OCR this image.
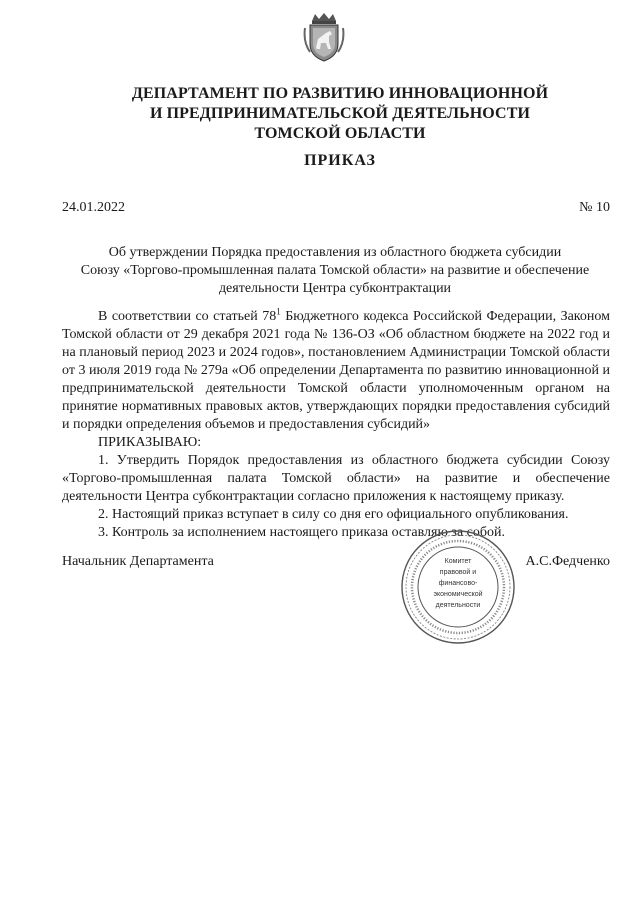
ДЕПАРТАМЕНТ ПО РАЗВИТИЮ ИННОВАЦИОННОЙ
И ПРЕДПРИНИМАТЕЛЬСКОЙ ДЕЯТЕЛЬНОСТИ
ТОМСКОЙ ОБЛАСТИ
ПРИКАЗ
24.01.2022	№ 10
Об утверждении Порядка предоставления из областного бюджета субсидии
Союзу «Торгово-промышленная палата Томской области» на развитие и обеспечение
деятельности Центра субконтрактации

В соответствии со статьей $78^1$ Бюджетного кодекса Российской Федерации, Законом Томской области от 29 декабря 2021 года № 136-ОЗ «Об областном бюджете на 2022 год и на плановый период 2023 и 2024 годов», постановлением Администрации Томской области от 3 июля 2019 года № 279а «Об определении Департамента по развитию инновационной и предпринимательской деятельности Томской области уполномоченным органом на принятие нормативных правовых актов, утверждающих порядки предоставления субсидий и порядки определения объемов и предоставления субсидий»

ПРИКАЗЫВАЮ:

1. Утвердить Порядок предоставления из областного бюджета субсидии Союзу «Торгово-промышленная палата Томской области» на развитие и обеспечение деятельности Центра субконтрактации согласно приложения к настоящему приказу.

2. Настоящий приказ вступает в силу со дня его официального опубликования.

3. Контроль за исполнением настоящего приказа оставляю за собой.

Начальник Департамента	А.С.Федченко
Комитет
правовой и
финансово-
экономической
деятельности
